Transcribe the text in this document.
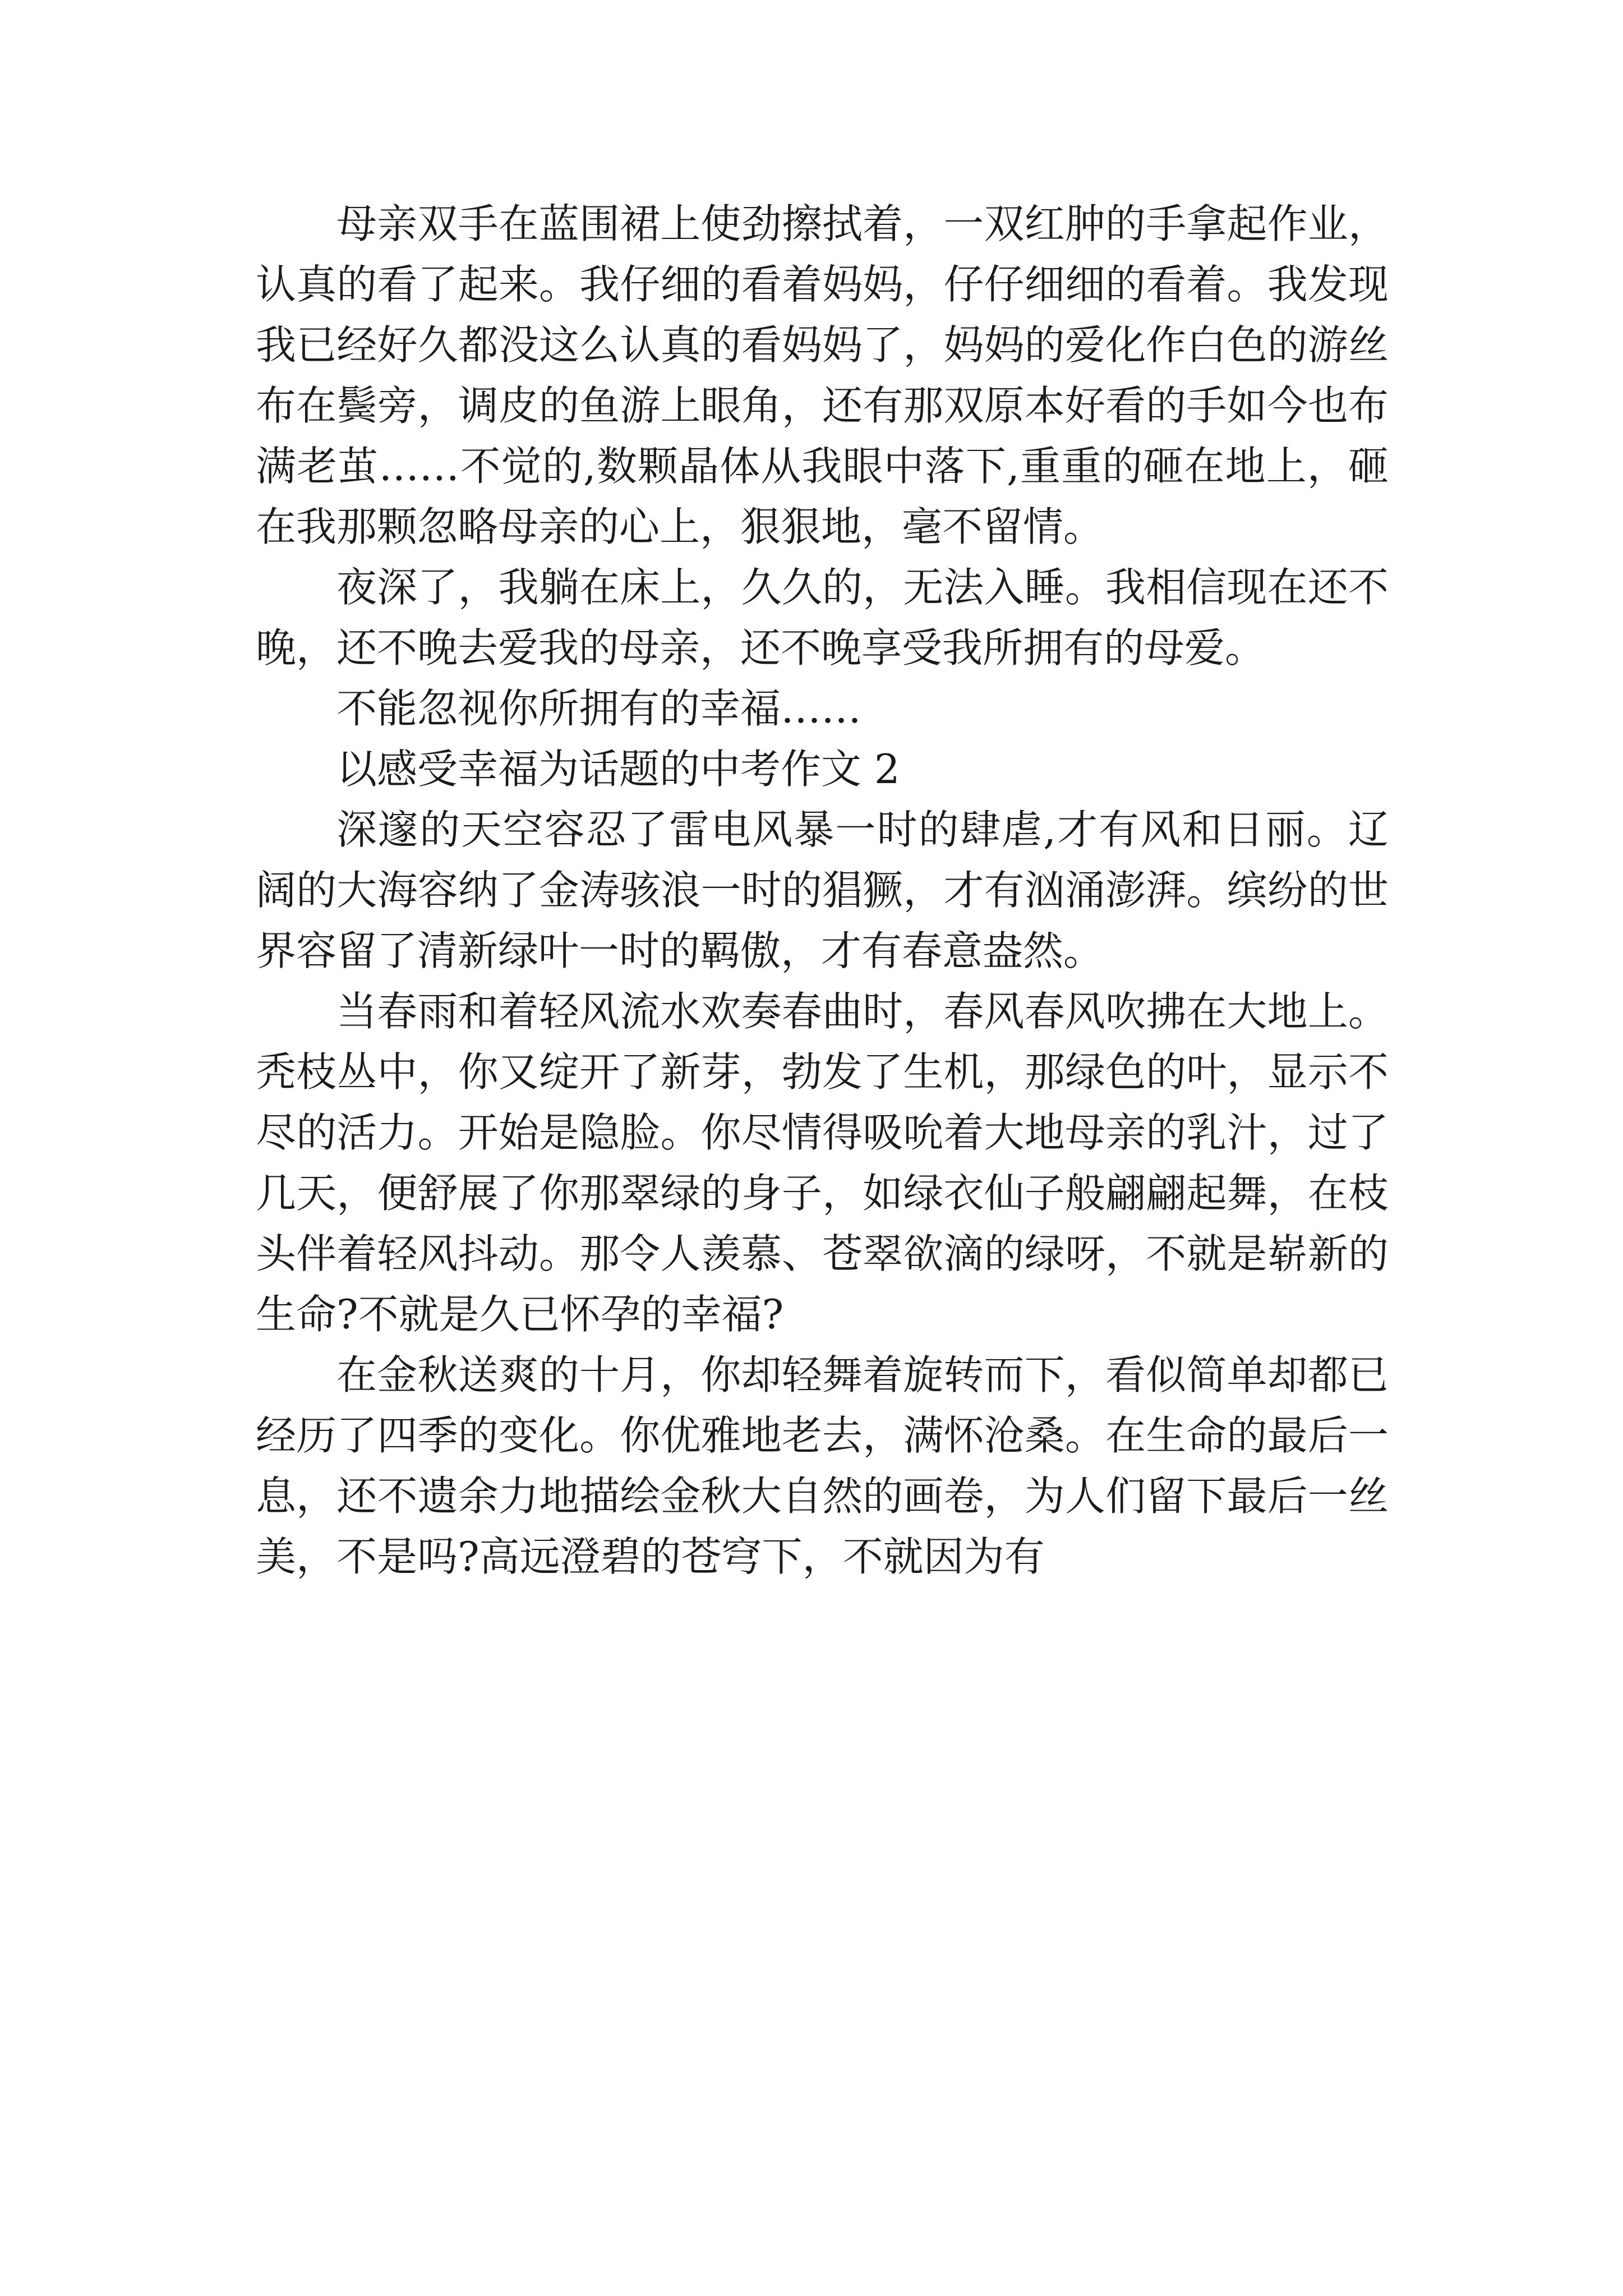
母亲双手在蓝围裙上使劲擦拭着，一双红肿的手拿起作业，认真的看了起来。我仔细的看着妈妈，仔仔细细的看着。我发现我已经好久都没这么认真的看妈妈了，妈妈的爱化作白色的游丝布在鬓旁，调皮的鱼游上眼角，还有那双原本好看的手如今也布满老茧……不觉的,数颗晶体从我眼中落下,重重的砸在地上，砸在我那颗忽略母亲的心上，狠狠地，毫不留情。

夜深了，我躺在床上，久久的，无法入睡。我相信现在还不晚，还不晚去爱我的母亲，还不晚享受我所拥有的母爱。

不能忽视你所拥有的幸福……

以感受幸福为话题的中考作文 2

深邃的天空容忍了雷电风暴一时的肆虐,才有风和日丽。辽阔的大海容纳了金涛骇浪一时的猖獗，才有汹涌澎湃。缤纷的世界容留了清新绿叶一时的羁傲，才有春意盎然。

当春雨和着轻风流水欢奏春曲时，春风春风吹拂在大地上。秃枝丛中，你又绽开了新芽，勃发了生机，那绿色的叶，显示不尽的活力。开始是隐脸。你尽情得吸吮着大地母亲的乳汁，过了几天，便舒展了你那翠绿的身子，如绿衣仙子般翩翩起舞，在枝头伴着轻风抖动。那令人羡慕、苍翠欲滴的绿呀，不就是崭新的生命?不就是久已怀孕的幸福?

在金秋送爽的十月，你却轻舞着旋转而下，看似简单却都已经历了四季的变化。你优雅地老去，满怀沧桑。在生命的最后一息，还不遗余力地描绘金秋大自然的画卷，为人们留下最后一丝美，不是吗?高远澄碧的苍穹下，不就因为有
